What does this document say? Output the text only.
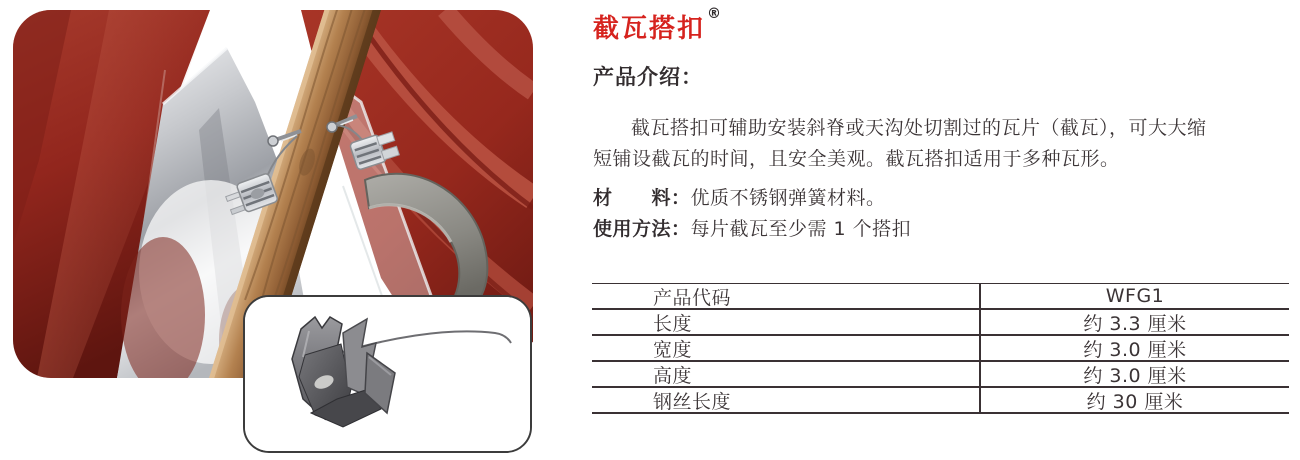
截瓦搭扣 ®
产品介绍：
截瓦搭扣可辅助安装斜脊或天沟处切割过的瓦片（截瓦），可大大缩
短铺设截瓦的时间，且安全美观。截瓦搭扣适用于多种瓦形。
材　　料：优质不锈钢弹簧材料。
使用方法：每片截瓦至少需 1 个搭扣
产品代码	WFG1
长度	约 3.3 厘米
宽度	约 3.0 厘米
高度	约 3.0 厘米
钢丝长度	约 30 厘米
